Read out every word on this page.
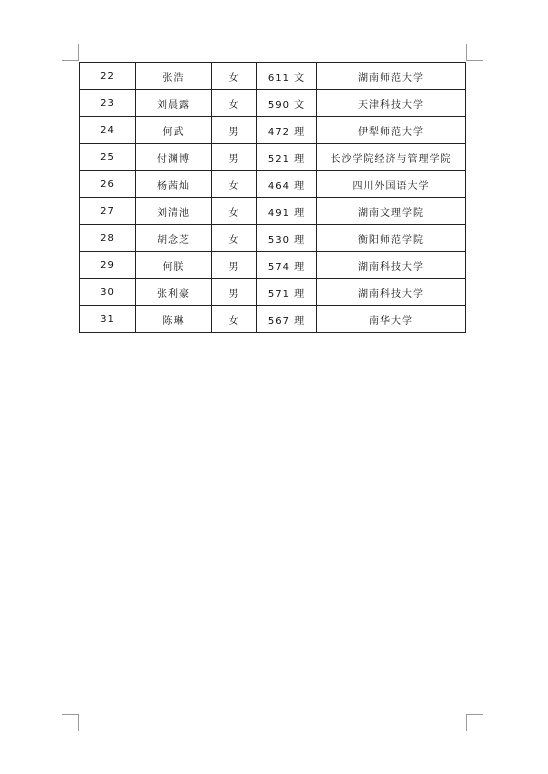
22	张浩	女	611 文	湖南师范大学
23	刘晨露	女	590 文	天津科技大学
24	何武	男	472 理	伊犁师范大学
25	付渊博	男	521 理	长沙学院经济与管理学院
26	杨茜灿	女	464 理	四川外国语大学
27	刘清池	女	491 理	湖南文理学院
28	胡念芝	女	530 理	衡阳师范学院
29	何朕	男	574 理	湖南科技大学
30	张利豪	男	571 理	湖南科技大学
31	陈琳	女	567 理	南华大学
